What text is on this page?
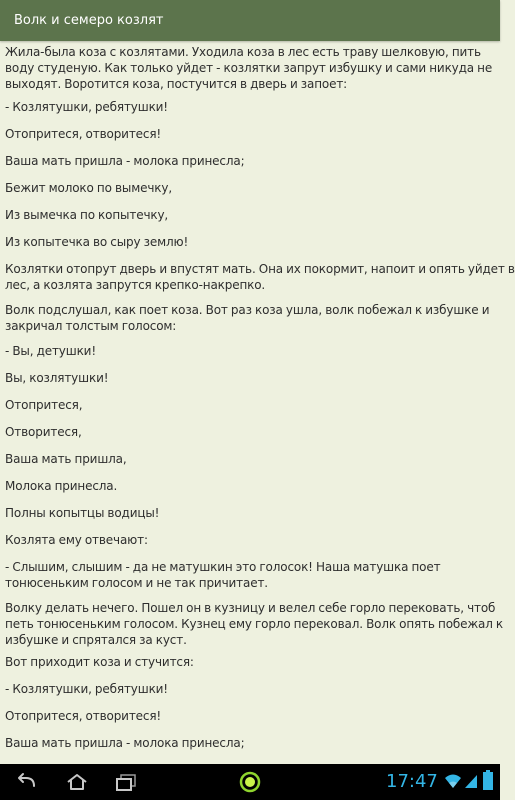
Волк и семеро козлят

Жила-была коза с козлятами. Уходила коза в лес есть траву шелковую, пить
воду студеную. Как только уйдет - козлятки запрут избушку и сами никуда не
выходят. Воротится коза, постучится в дверь и запоет:

- Козлятушки, ребятушки!

Отопритеся, отворитеся!

Ваша мать пришла - молока принесла;

Бежит молоко по вымечку,

Из вымечка по копытечку,

Из копытечка во сыру землю!

Козлятки отопрут дверь и впустят мать. Она их покормит, напоит и опять уйдет в
лес, а козлята запрутся крепко-накрепко.

Волк подслушал, как поет коза. Вот раз коза ушла, волк побежал к избушке и
закричал толстым голосом:

- Вы, детушки!

Вы, козлятушки!

Отопритеся,

Отворитеся,

Ваша мать пришла,

Молока принесла.

Полны копытцы водицы!

Козлята ему отвечают:

- Слышим, слышим - да не матушкин это голосок! Наша матушка поет
тонюсеньким голосом и не так причитает.

Волку делать нечего. Пошел он в кузницу и велел себе горло перековать, чтоб
петь тонюсеньким голосом. Кузнец ему горло перековал. Волк опять побежал к
избушке и спрятался за куст.

Вот приходит коза и стучится:

- Козлятушки, ребятушки!

Отопритеся, отворитеся!

Ваша мать пришла - молока принесла;

17:47
